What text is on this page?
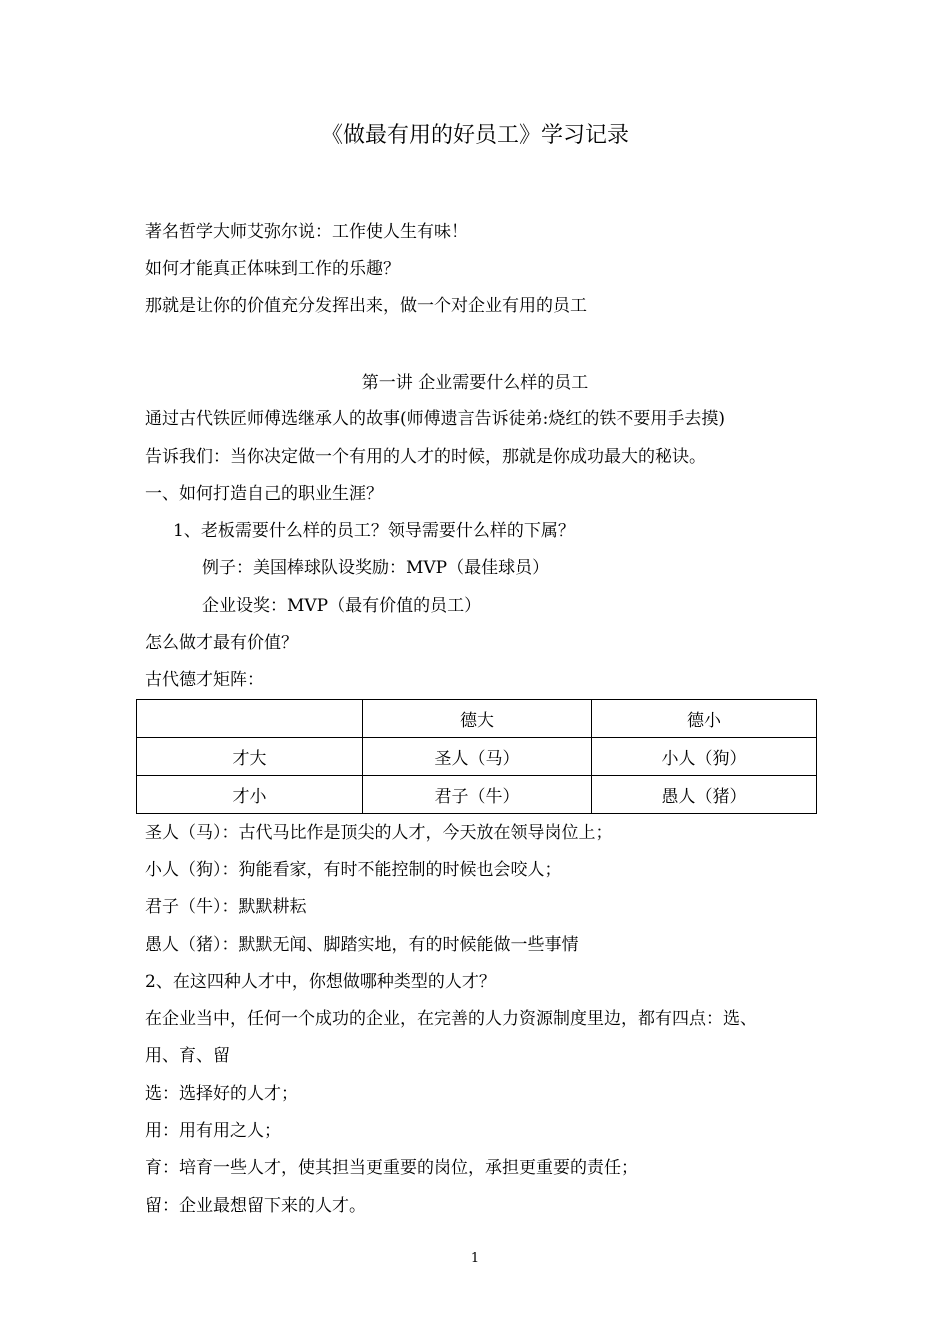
《做最有用的好员工》学习记录
著名哲学大师艾弥尔说：工作使人生有味！
如何才能真正体味到工作的乐趣？
那就是让你的价值充分发挥出来，做一个对企业有用的员工
第一讲 企业需要什么样的员工
通过古代铁匠师傅选继承人的故事(师傅遗言告诉徒弟:烧红的铁不要用手去摸)
告诉我们：当你决定做一个有用的人才的时候，那就是你成功最大的秘诀。
一、如何打造自己的职业生涯？
1、老板需要什么样的员工？领导需要什么样的下属？
例子：美国棒球队设奖励：MVP（最佳球员）
企业设奖：MVP（最有价值的员工）
怎么做才最有价值？
古代德才矩阵：
	德大	德小
才大	圣人（马）	小人（狗）
才小	君子（牛）	愚人（猪）
圣人（马）：古代马比作是顶尖的人才，今天放在领导岗位上；
小人（狗）：狗能看家，有时不能控制的时候也会咬人；
君子（牛）：默默耕耘
愚人（猪）：默默无闻、脚踏实地，有的时候能做一些事情
2、在这四种人才中，你想做哪种类型的人才？
在企业当中，任何一个成功的企业，在完善的人力资源制度里边，都有四点：选、
用、育、留
选：选择好的人才；
用：用有用之人；
育：培育一些人才，使其担当更重要的岗位，承担更重要的责任；
留：企业最想留下来的人才。
1
